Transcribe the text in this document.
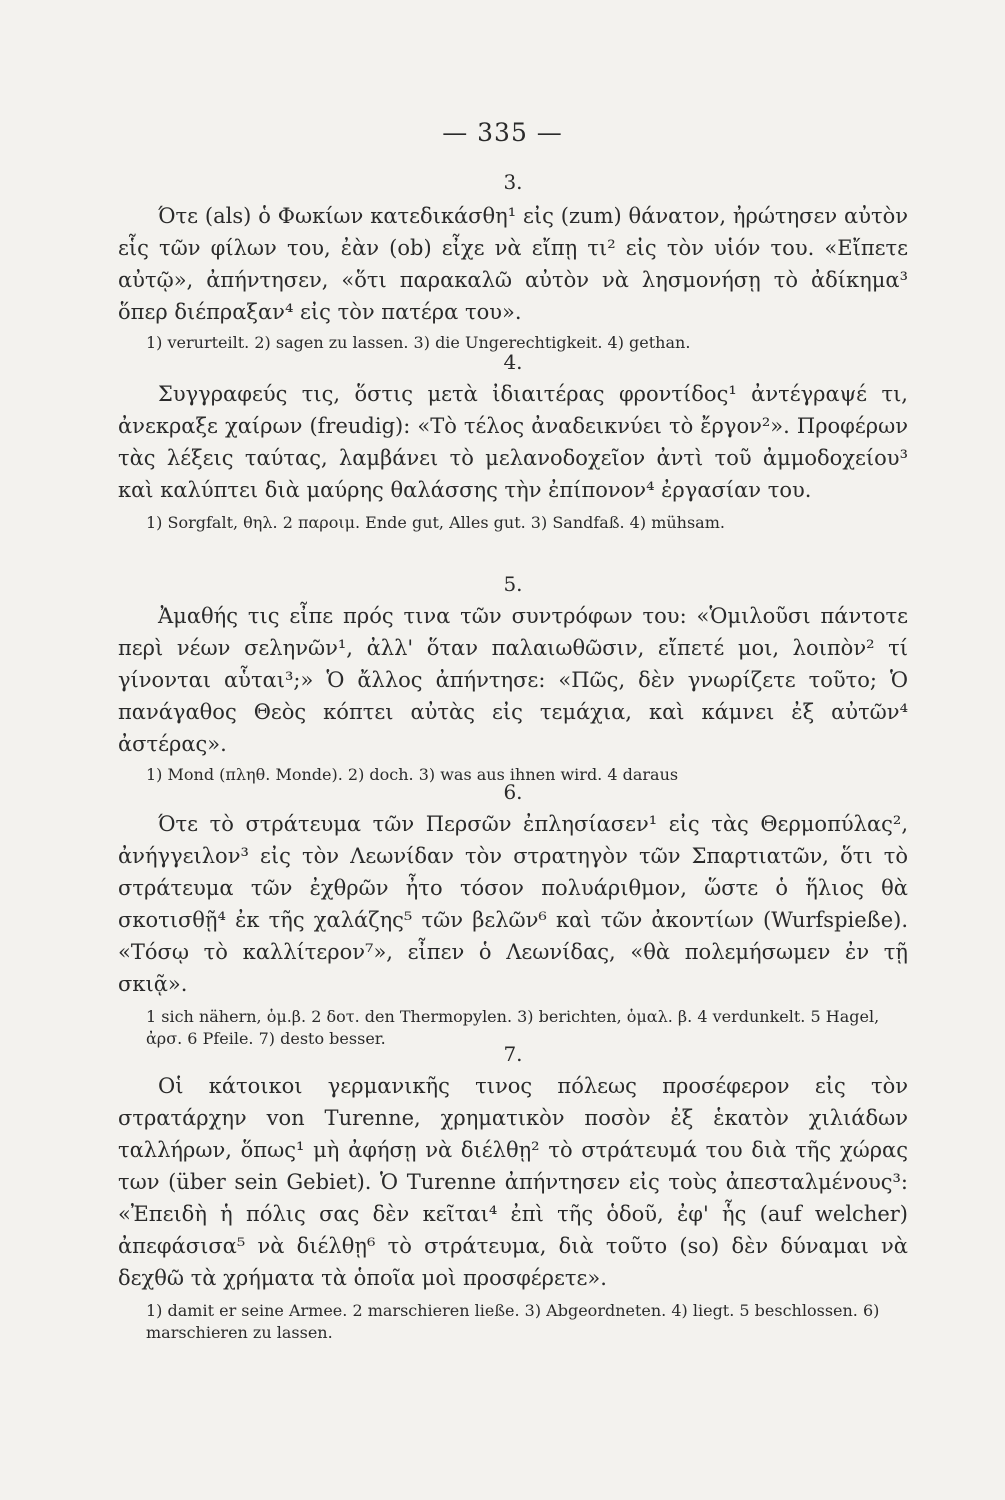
— 335 —
3.

Ότε (als) ὁ Φωκίων κατεδικάσθη¹ εἰς (zum) θάνατον, ἠρώτησεν αὐτὸν εἷς τῶν φίλων του, ἐὰν (ob) εἶχε νὰ εἴπῃ τι² εἰς τὸν υἱόν του. «Εἴπετε αὐτῷ», ἀπήντησεν, «ὅτι παρακαλῶ αὐτὸν νὰ λησμονήσῃ τὸ ἀδίκημα³ ὅπερ διέπραξαν⁴ εἰς τὸν πατέρα του».

1) verurteilt. 2) sagen zu lassen. 3) die Ungerechtigkeit. 4) gethan.

4.

Συγγραφεύς τις, ὅστις μετὰ ἰδιαιτέρας φροντίδος¹ ἀντέγραψέ τι, ἀνεκραξε χαίρων (freudig): «Τὸ τέλος ἀναδεικνύει τὸ ἔργον²». Προφέρων τὰς λέξεις ταύτας, λαμβάνει τὸ μελανοδοχεῖον ἀντὶ τοῦ ἀμμοδοχείου³ καὶ καλύπτει διὰ μαύρης θαλάσσης τὴν ἐπίπονον⁴ ἐργασίαν του.

1) Sorgfalt, θηλ. 2 παροιμ. Ende gut, Alles gut. 3) Sandfaß. 4) mühsam.

5.

Ἀμαθής τις εἶπε πρός τινα τῶν συντρόφων του: «Ὁμιλοῦσι πάντοτε περὶ νέων σεληνῶν¹, ἀλλ' ὅταν παλαιωθῶσιν, εἴπετέ μοι, λοιπὸν² τί γίνονται αὗται³;» Ὁ ἄλλος ἀπήντησε: «Πῶς, δὲν γνωρίζετε τοῦτο; Ὁ πανάγαθος Θεὸς κόπτει αὐτὰς εἰς τεμάχια, καὶ κάμνει ἐξ αὐτῶν⁴ ἀστέρας».

1) Mond (πληθ. Monde). 2) doch. 3) was aus ihnen wird. 4 daraus

6.

Ότε τὸ στράτευμα τῶν Περσῶν ἐπλησίασεν¹ εἰς τὰς Θερμοπύλας², ἀνήγγειλον³ εἰς τὸν Λεωνίδαν τὸν στρατηγὸν τῶν Σπαρτιατῶν, ὅτι τὸ στράτευμα τῶν ἐχθρῶν ἦτο τόσον πολυάριθμον, ὥστε ὁ ἥλιος θὰ σκοτισθῇ⁴ ἐκ τῆς χαλάζης⁵ τῶν βελῶν⁶ καὶ τῶν ἀκοντίων (Wurfspieße). «Τόσῳ τὸ καλλίτερον⁷», εἶπεν ὁ Λεωνίδας, «θὰ πολεμήσωμεν ἐν τῇ σκιᾷ».

1 sich nähern, ὁμ.β. 2 δοτ. den Thermopylen. 3) berichten, ὁμαλ. β. 4 verdunkelt. 5 Hagel, ἀρσ. 6 Pfeile. 7) desto besser.

7.

Οἱ κάτοικοι γερμανικῆς τινος πόλεως προσέφερον εἰς τὸν στρατάρχην von Turenne, χρηματικὸν ποσὸν ἐξ ἑκατὸν χιλιάδων ταλλήρων, ὅπως¹ μὴ ἀφήσῃ νὰ διέλθῃ² τὸ στράτευμά του διὰ τῆς χώρας των (über sein Gebiet). Ὁ Turenne ἀπήντησεν εἰς τοὺς ἀπεσταλμένους³: «Ἐπειδὴ ἡ πόλις σας δὲν κεῖται⁴ ἐπὶ τῆς ὁδοῦ, ἐφ' ἧς (auf welcher) ἀπεφάσισα⁵ νὰ διέλθῃ⁶ τὸ στράτευμα, διὰ τοῦτο (so) δὲν δύναμαι νὰ δεχθῶ τὰ χρήματα τὰ ὁποῖα μοὶ προσφέρετε».

1) damit er seine Armee. 2 marschieren ließe. 3) Abgeordneten. 4) liegt. 5 beschlossen. 6) marschieren zu lassen.
